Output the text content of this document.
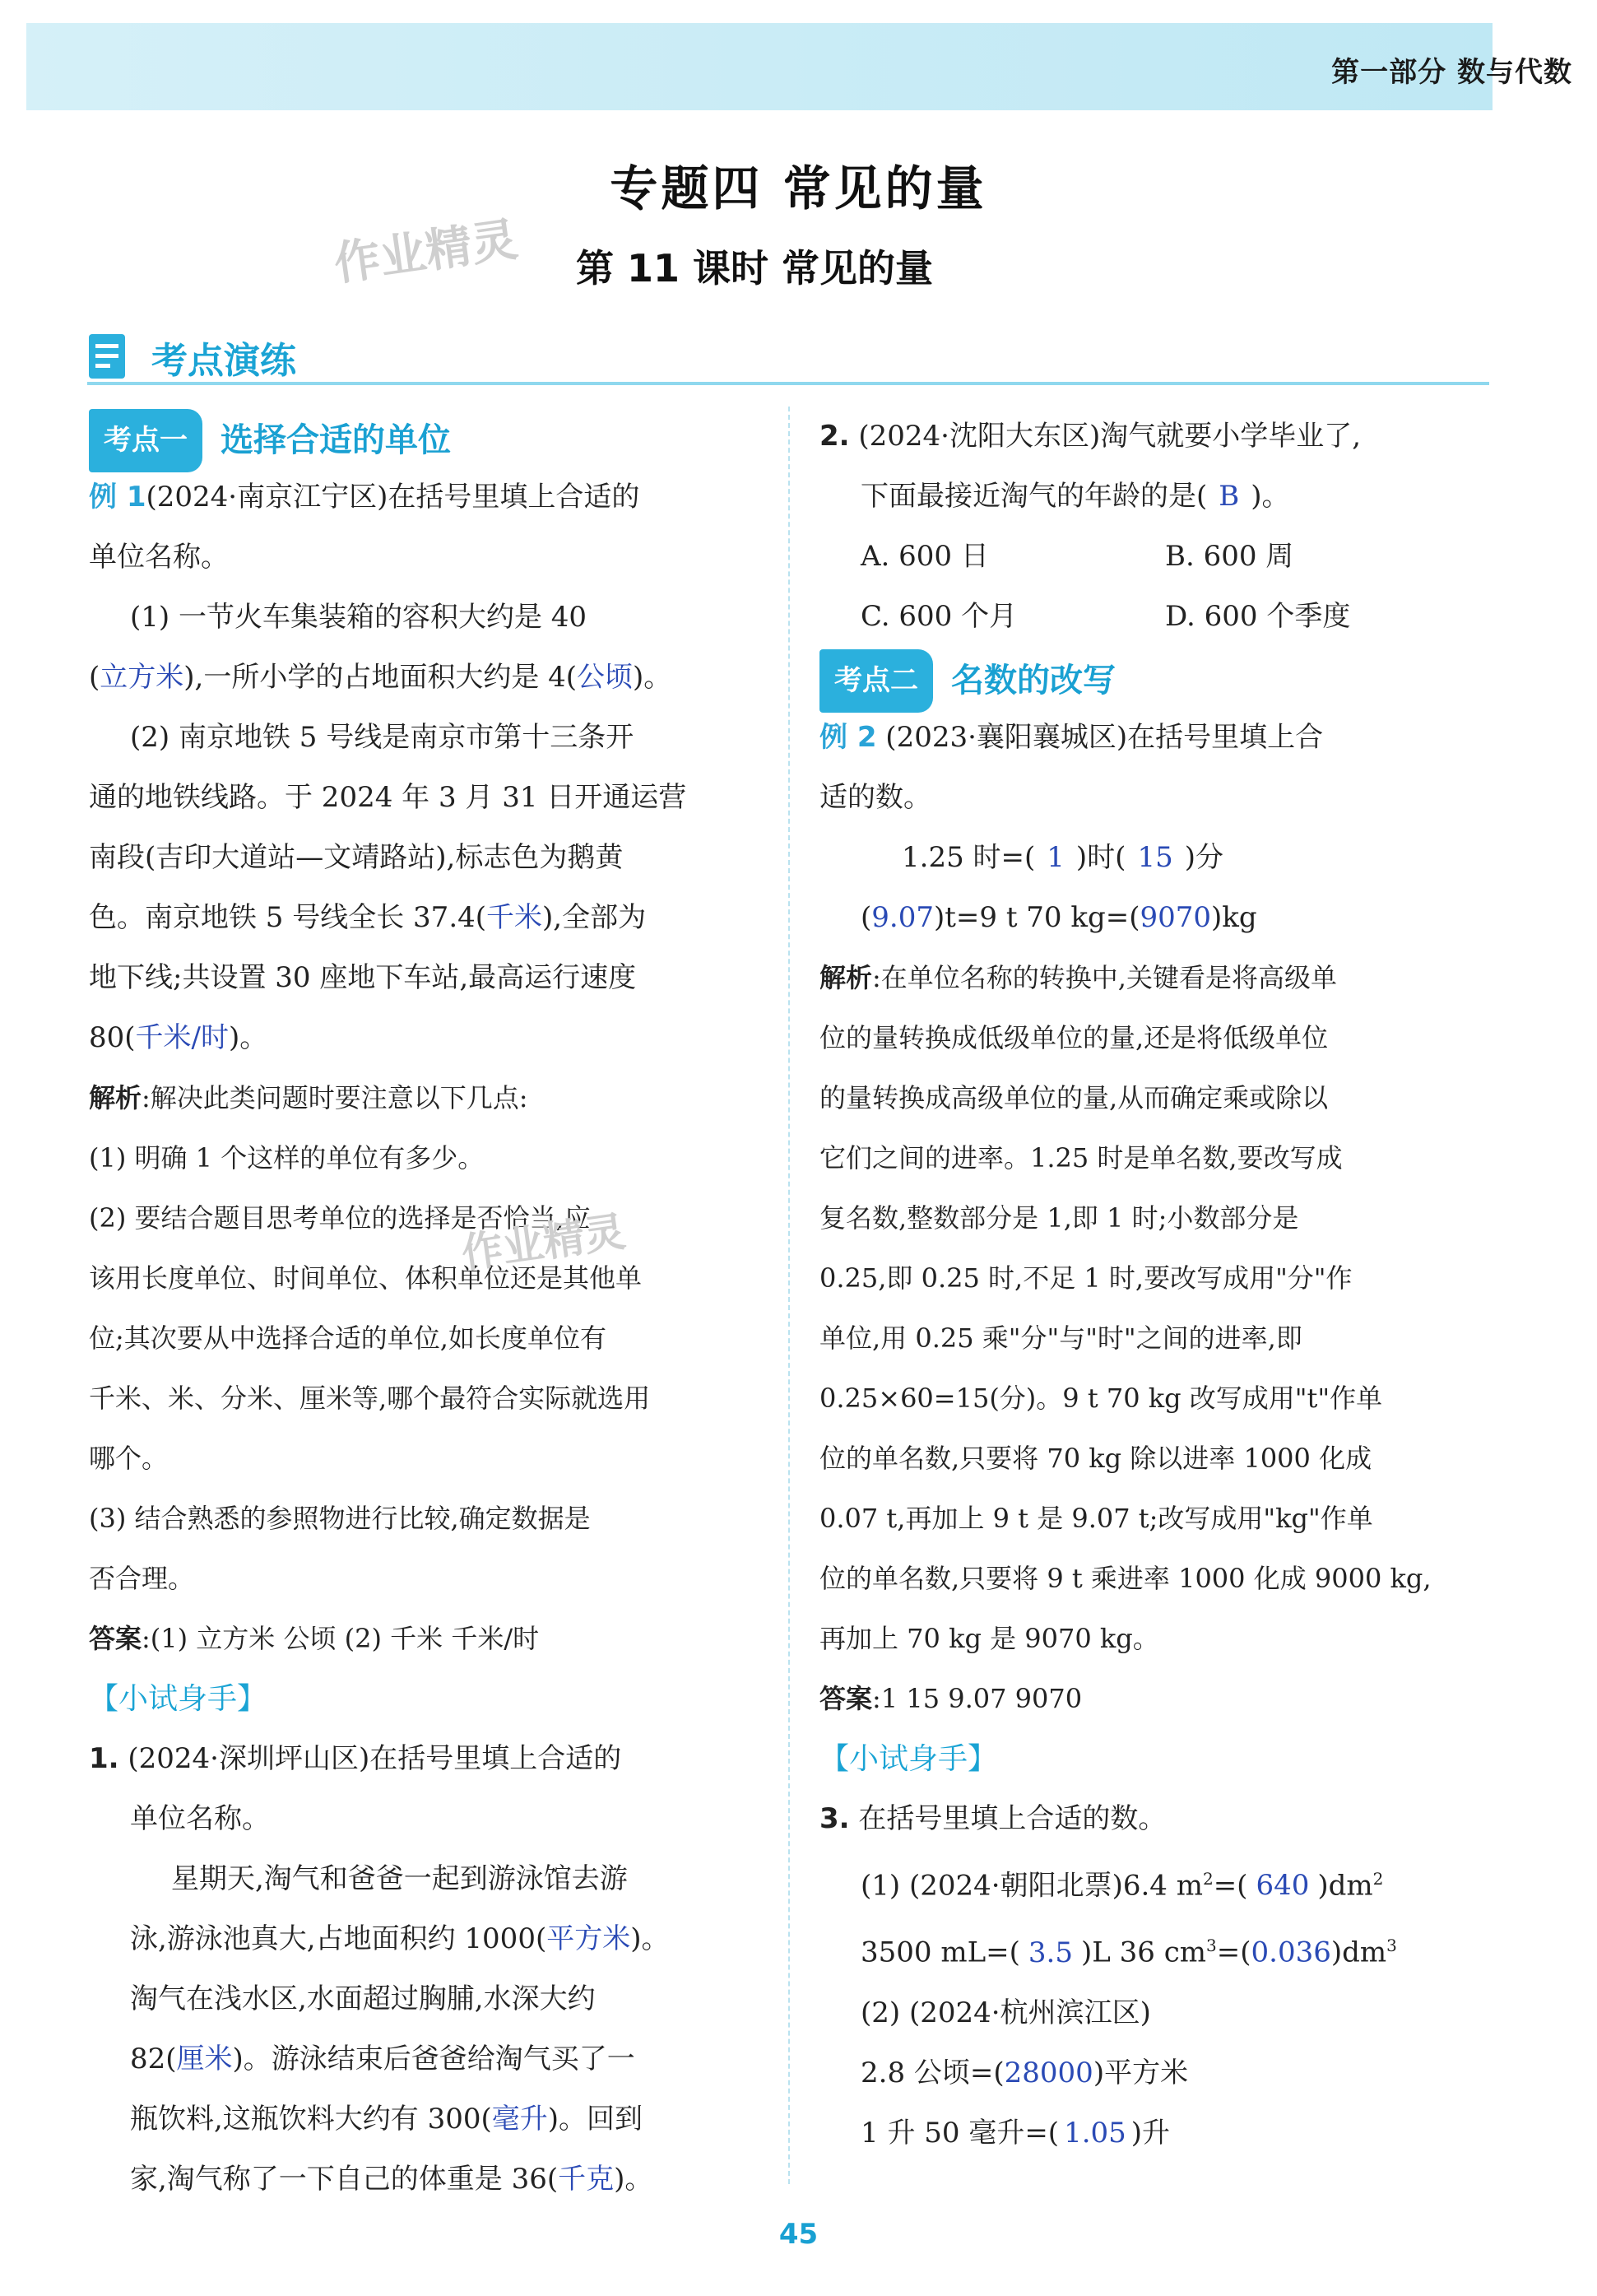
第一部分 数与代数
专题四 常见的量
作业精灵 第 11 课时 常见的量
考点演练
考点一	选择合适的单位

例 1(2024·南京江宁区)在括号里填上合适的

单位名称。

(1) 一节火车集装箱的容积大约是 40

(立方米),一所小学的占地面积大约是 4(公顷)。

(2) 南京地铁 5 号线是南京市第十三条开

通的地铁线路。于 2024 年 3 月 31 日开通运营

南段(吉印大道站—文靖路站),标志色为鹅黄

色。南京地铁 5 号线全长 37.4(千米),全部为

地下线;共设置 30 座地下车站,最高运行速度

80(千米/时)。

解析:解决此类问题时要注意以下几点:

(1) 明确 1 个这样的单位有多少。

(2) 要结合题目思考单位的选择是否恰当,应

该用长度单位、时间单位、体积单位还是其他单

位;其次要从中选择合适的单位,如长度单位有

千米、米、分米、厘米等,哪个最符合实际就选用

哪个。

(3) 结合熟悉的参照物进行比较,确定数据是

否合理。

答案:(1) 立方米 公顷 (2) 千米 千米/时

【小试身手】

1. (2024·深圳坪山区)在括号里填上合适的

单位名称。

星期天,淘气和爸爸一起到游泳馆去游

泳,游泳池真大,占地面积约 1000(平方米)。

淘气在浅水区,水面超过胸脯,水深大约

82(厘米)。游泳结束后爸爸给淘气买了一

瓶饮料,这瓶饮料大约有 300(毫升)。回到

家,淘气称了一下自己的体重是 36(千克)。

作业精灵

2. (2024·沈阳大东区)淘气就要小学毕业了,

下面最接近淘气的年龄的是( B )。

A. 600 日	B. 600 周
C. 600 个月	D. 600 个季度
考点二	名数的改写

例 2 (2023·襄阳襄城区)在括号里填上合

适的数。

1.25 时=( 1 )时( 15 )分

(9.07)t=9 t 70 kg=(9070)kg

解析:在单位名称的转换中,关键看是将高级单

位的量转换成低级单位的量,还是将低级单位

的量转换成高级单位的量,从而确定乘或除以

它们之间的进率。1.25 时是单名数,要改写成

复名数,整数部分是 1,即 1 时;小数部分是

0.25,即 0.25 时,不足 1 时,要改写成用"分"作

单位,用 0.25 乘"分"与"时"之间的进率,即

0.25×60=15(分)。9 t 70 kg 改写成用"t"作单

位的单名数,只要将 70 kg 除以进率 1000 化成

0.07 t,再加上 9 t 是 9.07 t;改写成用"kg"作单

位的单名数,只要将 9 t 乘进率 1000 化成 9000 kg,

再加上 70 kg 是 9070 kg。

答案:1 15 9.07 9070

【小试身手】

3. 在括号里填上合适的数。

(1) (2024·朝阳北票)6.4 $m^2=$( 640 )$dm^2$

3500 mL=( 3.5 )L 36 $cm^3=(0.036)dm^3$

(2) (2024·杭州滨江区)

2.8 公顷=(28000)平方米

1 升 50 毫升=( 1.05 )升

45
